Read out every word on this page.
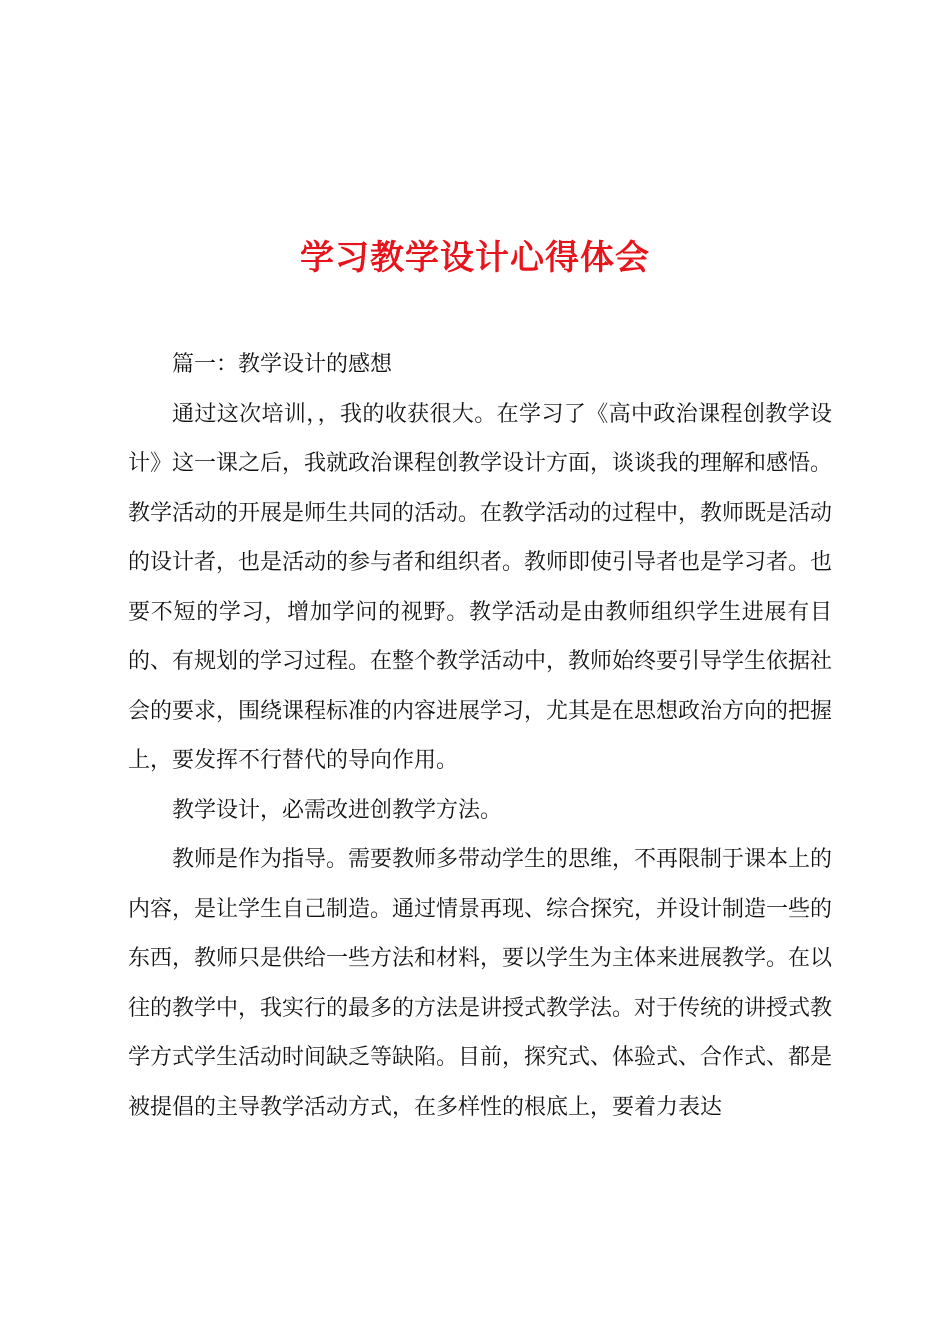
学习教学设计心得体会

篇一：教学设计的感想

通过这次培训，，我的收获很大。在学习了《高中政治课程创教学设计》这一课之后，我就政治课程创教学设计方面，谈谈我的理解和感悟。教学活动的开展是师生共同的活动。在教学活动的过程中，教师既是活动的设计者，也是活动的参与者和组织者。教师即使引导者也是学习者。也要不短的学习，增加学问的视野。教学活动是由教师组织学生进展有目的、有规划的学习过程。在整个教学活动中，教师始终要引导学生依据社会的要求，围绕课程标准的内容进展学习，尤其是在思想政治方向的把握上，要发挥不行替代的导向作用。

教学设计，必需改进创教学方法。

教师是作为指导。需要教师多带动学生的思维，不再限制于课本上的内容，是让学生自己制造。通过情景再现、综合探究，并设计制造一些的东西，教师只是供给一些方法和材料，要以学生为主体来进展教学。在以往的教学中，我实行的最多的方法是讲授式教学法。对于传统的讲授式教学方式学生活动时间缺乏等缺陷。目前，探究式、体验式、合作式、都是被提倡的主导教学活动方式，在多样性的根底上，要着力表达
